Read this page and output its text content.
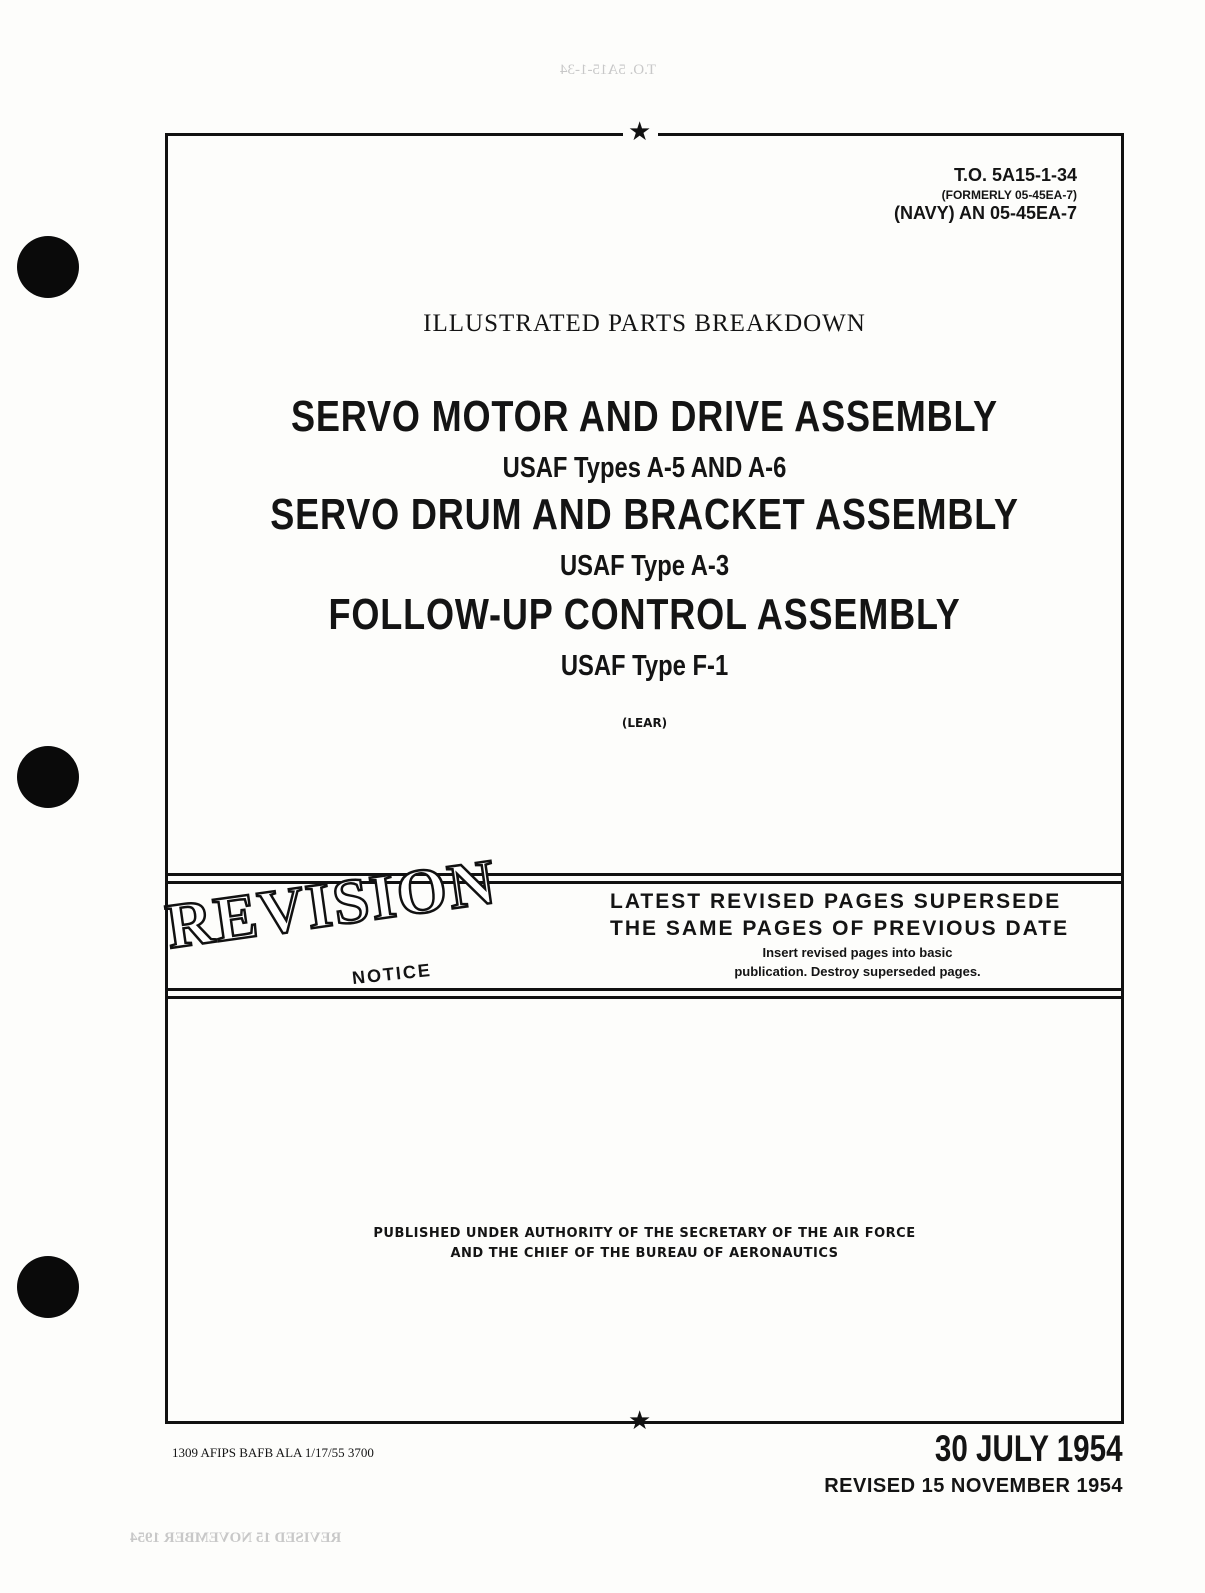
T.O. 5A15-1-34
REVISED 15 NOVEMBER 1954
★
★
T.O. 5A15-1-34
(FORMERLY 05-45EA-7)
(NAVY) AN 05-45EA-7
ILLUSTRATED PARTS BREAKDOWN
SERVO MOTOR AND DRIVE ASSEMBLY
USAF Types A-5 AND A-6
SERVO DRUM AND BRACKET ASSEMBLY
USAF Type A-3
FOLLOW-UP CONTROL ASSEMBLY
USAF Type F-1
(LEAR)
REVISION
NOTICE
LATEST REVISED PAGES SUPERSEDE
THE SAME PAGES OF PREVIOUS DATE
Insert revised pages into basic
publication. Destroy superseded pages.
PUBLISHED UNDER AUTHORITY OF THE SECRETARY OF THE AIR FORCE
AND THE CHIEF OF THE BUREAU OF AERONAUTICS
1309 AFIPS BAFB ALA 1/17/55 3700	30 JULY 1954
REVISED 15 NOVEMBER 1954
